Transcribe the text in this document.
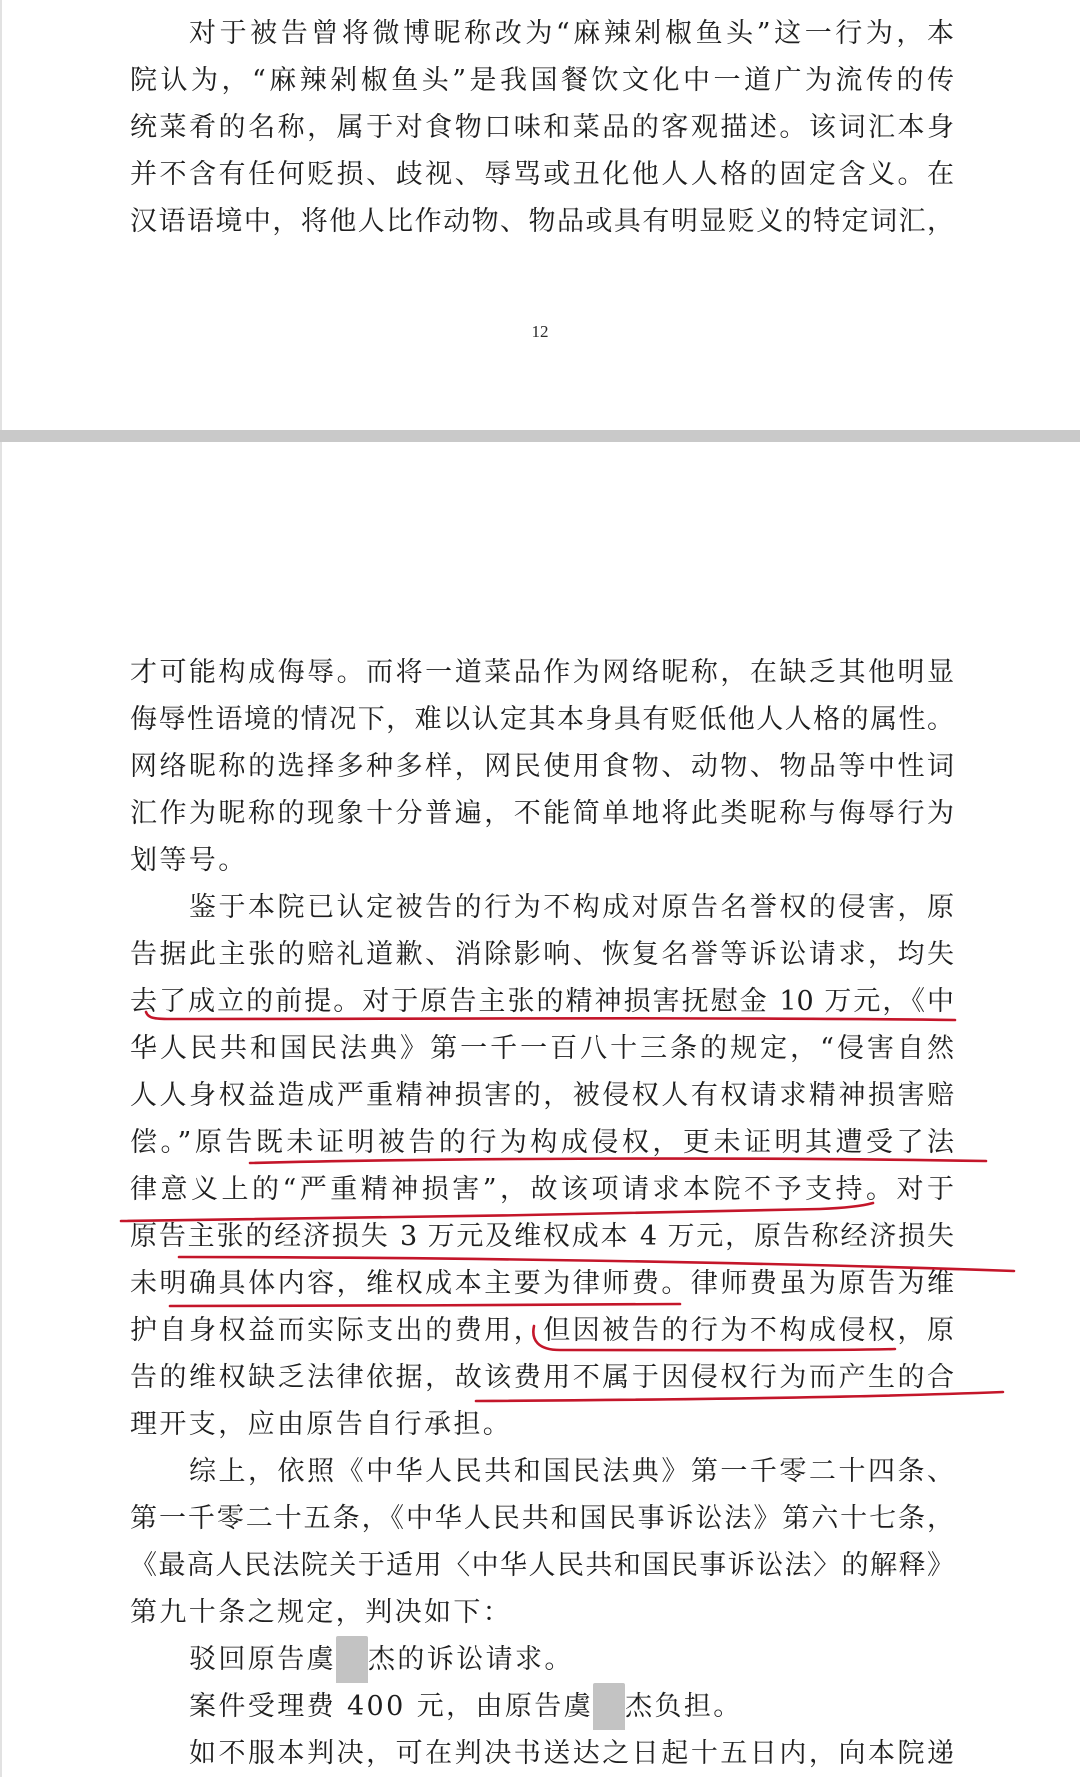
对于被告曾将微博昵称改为“麻辣剁椒鱼头”这一行为，本
院认为，“麻辣剁椒鱼头”是我国餐饮文化中一道广为流传的传
统菜肴的名称，属于对食物口味和菜品的客观描述。该词汇本身
并不含有任何贬损、歧视、辱骂或丑化他人人格的固定含义。在
汉语语境中，将他人比作动物、物品或具有明显贬义的特定词汇，
12
才可能构成侮辱。而将一道菜品作为网络昵称，在缺乏其他明显
侮辱性语境的情况下，难以认定其本身具有贬低他人人格的属性。
网络昵称的选择多种多样，网民使用食物、动物、物品等中性词
汇作为昵称的现象十分普遍，不能简单地将此类昵称与侮辱行为
划等号。
鉴于本院已认定被告的行为不构成对原告名誉权的侵害，原
告据此主张的赔礼道歉、消除影响、恢复名誉等诉讼请求，均失
去了成立的前提。对于原告主张的精神损害抚慰金 10 万元，《中
华人民共和国民法典》第一千一百八十三条的规定，“侵害自然
人人身权益造成严重精神损害的，被侵权人有权请求精神损害赔
偿。”原告既未证明被告的行为构成侵权，更未证明其遭受了法
律意义上的“严重精神损害”，故该项请求本院不予支持。对于
原告主张的经济损失 3 万元及维权成本 4 万元，原告称经济损失
未明确具体内容，维权成本主要为律师费。律师费虽为原告为维
护自身权益而实际支出的费用，但因被告的行为不构成侵权，原
告的维权缺乏法律依据，故该费用不属于因侵权行为而产生的合
理开支，应由原告自行承担。
综上，依照《中华人民共和国民法典》第一千零二十四条、
第一千零二十五条，《中华人民共和国民事诉讼法》第六十七条，
《最高人民法院关于适用〈中华人民共和国民事诉讼法〉的解释》
第九十条之规定，判决如下：
驳回原告虞 杰的诉讼请求。
案件受理费 400 元，由原告虞 杰负担。
如不服本判决，可在判决书送达之日起十五日内，向本院递
